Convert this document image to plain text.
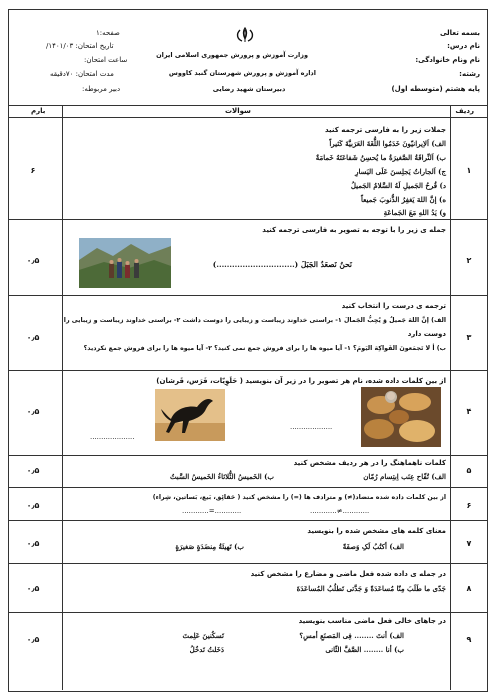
بسمه تعالی
نام درس:
نام ونام خانوادگی:
رشته:
پایه هشتم (متوسطه اول)
وزارت آموزش و پرورش جمهوری اسلامی ایران
اداره آموزش و پرورش شهرستان گنبد کاووس
دبیرستان شهید رضایی
صفحه:۱
تاریخ امتحان: ۱۴۰۱/۰۳/
ساعت امتحان:
مدت امتحان: ۷۰دقیقه
دبیر مربوطه:
ردیف
سوالات
بارم
۱
۶
جملات زیر را به فارسی ترجمه کنید
الف) اَلاِیرانیّونَ خَدَمُوا اللُّغَةَ العَرَبیَّةَ کَثیراً
ب) اَلنِّراقَةُ الصَّغیرَةُ ما یُحسِنُ شَفاعَتَهُ خَمامَةٌ
ج) اَلجاراتُ یَجلِسنَ عَلَی الیَسارِ
د) قُرحُ الجَمیلِ لَهُ السَّلامُ الجَمیلُ
ه) إنَّ اللهَ یَغفِرُ الذُّنوبَ جَمیعاً
و) یَدُ اللهِ مَعَ الجَماعَةِ
۲
۰٫۵
جمله ی زیر را با توجه به تصویر به فارسی ترجمه کنید
نَحنُ نَصعَدُ الجَبَلَ (..............................)
۳
۰٫۵
ترجمه ی درست را انتخاب کنید
الف) إنَّ اللهَ جَمیلٌ وَ یُحِبُّ الجَمالَ ۱- براستی خداوند زیباست و زیبایی را دوست داشت ۲- براستی خداوند زیباست و زیبایی را
دوست دارد
ب) أ لا تَجمَعونَ الفَواکِهَ الیَومَ؟ ۱- آیا میوه ها را برای فروش جمع نمی کنید؟ ۲- آیا میوه ها را برای فروش جمع نکردید؟
۴
۰٫۵
از بین کلمات داده شده، نام هر تصویر را در زیر آن بنویسید ( حَلَوِیّات، فَرَس، قَرشان)
...................
....................
۵
۰٫۵
کلمات ناهماهنگ را در هر ردیف مشخص کنید
الف) تُفّاح عِنَب اِبتِسام رُمّان
ب) الخَمیسُ الثُّلاثاءُ الخَمیسُ السَّبتُ
۶
۰٫۵
از بین کلمات داده شده متضاد(≠) و مترادف ها (=) را مشخص کنید ( حَقائِق، بَیع، بَساتین، شِراء)
............≠............
............=............
۷
۰٫۵
معنای کلمه های مشخص شده را بنویسید
الف) أکتُبُ لَکِ وَصفَةً
ب) تَهیئَةُ مِنضَدَةٍ صَغیرَةٍ
۸
۰٫۵
در جمله ی داده شده فعل ماضی و مضارع را مشخص کنید
جَدّی ما طَلَبَ مِنّا مُساعَدَةً وَ جَدَّتی تَطلُبُ المُساعَدَةَ
۹
۰٫۵
در جاهای خالی فعل ماضی مناسب بنویسید
الف) أنتَ ........ فِی المَصنَعِ أمسِ؟
تَسکُنینَ عَلِمتَ
ب) أنا ........ الصَّفَّ الثّانی
دَخَلتُ تَدخُلُ
